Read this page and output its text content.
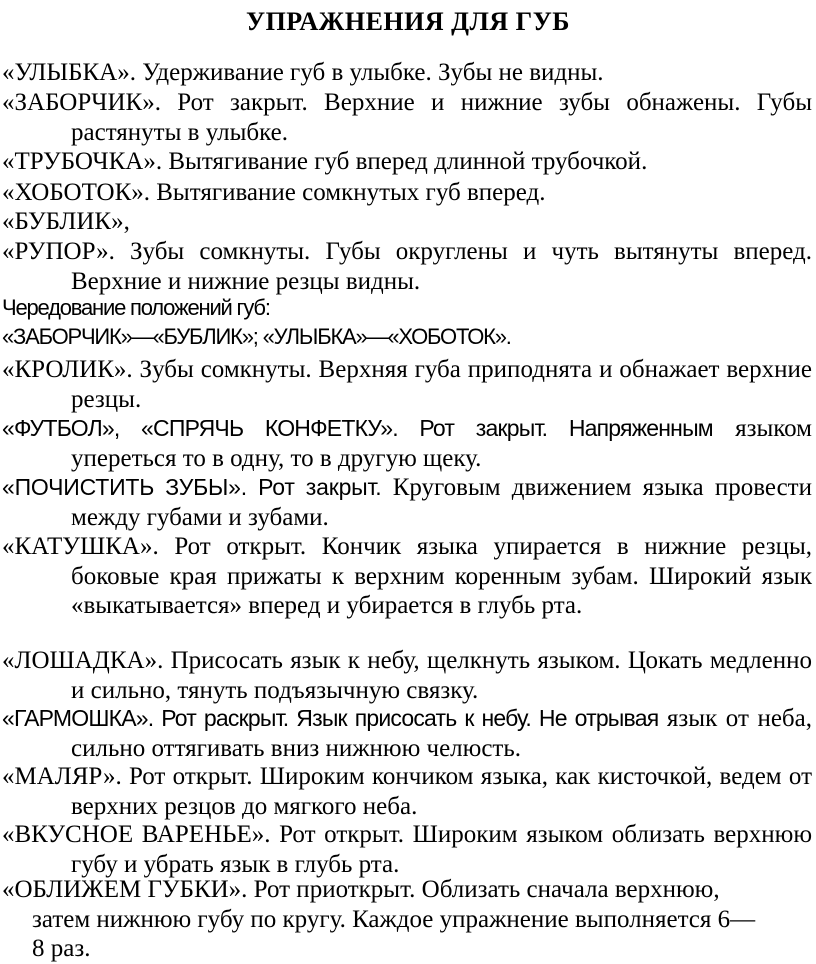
УПРАЖНЕНИЯ ДЛЯ ГУБ
«УЛЫБКА». Удерживание губ в улыбке. Зубы не видны.
«ЗАБОРЧИК». Рот закрыт. Верхние и нижние зубы обнажены. Губы растянуты в улыбке.
«ТРУБОЧКА». Вытягивание губ вперед длинной трубочкой.
«ХОБОТОК». Вытягивание сомкнутых губ вперед.
«БУБЛИК»,
«РУПОР». Зубы сомкнуты. Губы округлены и чуть вытянуты вперед. Верхние и нижние резцы видны.
Чередование положений губ:
«ЗАБОРЧИК»—«БУБЛИК»; «УЛЫБКА»—«ХОБОТОК».
«КРОЛИК». Зубы сомкнуты. Верхняя губа приподнята и обнажает верхние резцы.
«ФУТБОЛ», «СПРЯЧЬ КОНФЕТКУ». Рот закрыт. Напряженным языком упереться то в одну, то в другую щеку.
«ПОЧИСТИТЬ ЗУБЫ». Рот закрыт. Круговым движением языка провести между губами и зубами.
«КАТУШКА». Рот открыт. Кончик языка упирается в нижние резцы, боковые края прижаты к верхним коренным зубам. Широкий язык «выкатывается» вперед и убирается в глубь рта.
«ЛОШАДКА». Присосать язык к небу, щелкнуть языком. Цокать медленно и сильно, тянуть подъязычную связку.
«ГАРМОШКА». Рот раскрыт. Язык присосать к небу. Не отрывая язык от неба, сильно оттягивать вниз нижнюю челюсть.
«МАЛЯР». Рот открыт. Широким кончиком языка, как кисточкой, ведем от верхних резцов до мягкого неба.
«ВКУСНОЕ ВАРЕНЬЕ». Рот открыт. Широким языком облизать верхнюю губу и убрать язык в глубь рта.
«ОБЛИЖЕМ ГУБКИ». Рот приоткрыт. Облизать сначала верхнюю, затем нижнюю губу по кругу. Каждое упражнение выполняется 6—8 раз.
